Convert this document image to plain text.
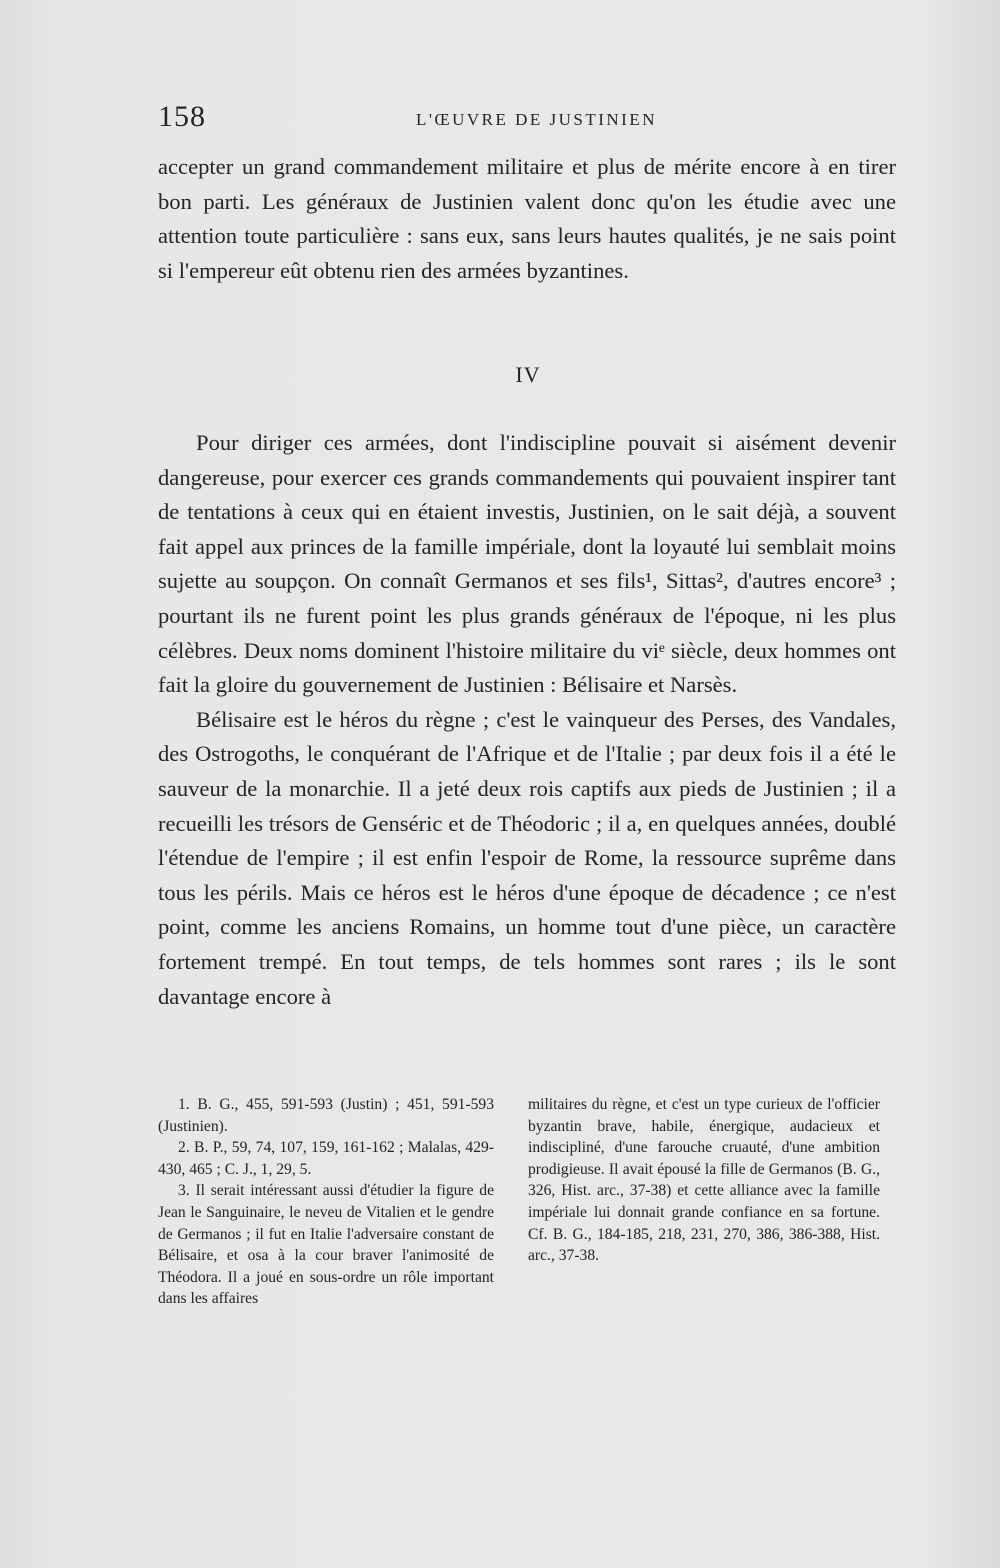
158	L'ŒUVRE DE JUSTINIEN

accepter un grand commandement militaire et plus de mérite encore à en tirer bon parti. Les généraux de Justinien valent donc qu'on les étudie avec une attention toute particulière : sans eux, sans leurs hautes qualités, je ne sais point si l'empereur eût obtenu rien des armées byzantines.

IV

Pour diriger ces armées, dont l'indiscipline pouvait si aisément devenir dangereuse, pour exercer ces grands commandements qui pouvaient inspirer tant de tentations à ceux qui en étaient investis, Justinien, on le sait déjà, a souvent fait appel aux princes de la famille impériale, dont la loyauté lui semblait moins sujette au soupçon. On connaît Germanos et ses fils¹, Sittas², d'autres encore³ ; pourtant ils ne furent point les plus grands généraux de l'époque, ni les plus célèbres. Deux noms dominent l'histoire militaire du viᵉ siècle, deux hommes ont fait la gloire du gouvernement de Justinien : Bélisaire et Narsès.

Bélisaire est le héros du règne ; c'est le vainqueur des Perses, des Vandales, des Ostrogoths, le conquérant de l'Afrique et de l'Italie ; par deux fois il a été le sauveur de la monarchie. Il a jeté deux rois captifs aux pieds de Justinien ; il a recueilli les trésors de Genséric et de Théodoric ; il a, en quelques années, doublé l'étendue de l'empire ; il est enfin l'espoir de Rome, la ressource suprême dans tous les périls. Mais ce héros est le héros d'une époque de décadence ; ce n'est point, comme les anciens Romains, un homme tout d'une pièce, un caractère fortement trempé. En tout temps, de tels hommes sont rares ; ils le sont davantage encore à

1. B. G., 455, 591-593 (Justin) ; 451, 591-593 (Justinien).

2. B. P., 59, 74, 107, 159, 161-162 ; Malalas, 429-430, 465 ; C. J., 1, 29, 5.

3. Il serait intéressant aussi d'étudier la figure de Jean le Sanguinaire, le neveu de Vitalien et le gendre de Germanos ; il fut en Italie l'adversaire constant de Bélisaire, et osa à la cour braver l'animosité de Théodora. Il a joué en sous-ordre un rôle important dans les affaires

militaires du règne, et c'est un type curieux de l'officier byzantin brave, habile, énergique, audacieux et indiscipliné, d'une farouche cruauté, d'une ambition prodigieuse. Il avait épousé la fille de Germanos (B. G., 326, Hist. arc., 37-38) et cette alliance avec la famille impériale lui donnait grande confiance en sa fortune. Cf. B. G., 184-185, 218, 231, 270, 386, 386-388, Hist. arc., 37-38.
